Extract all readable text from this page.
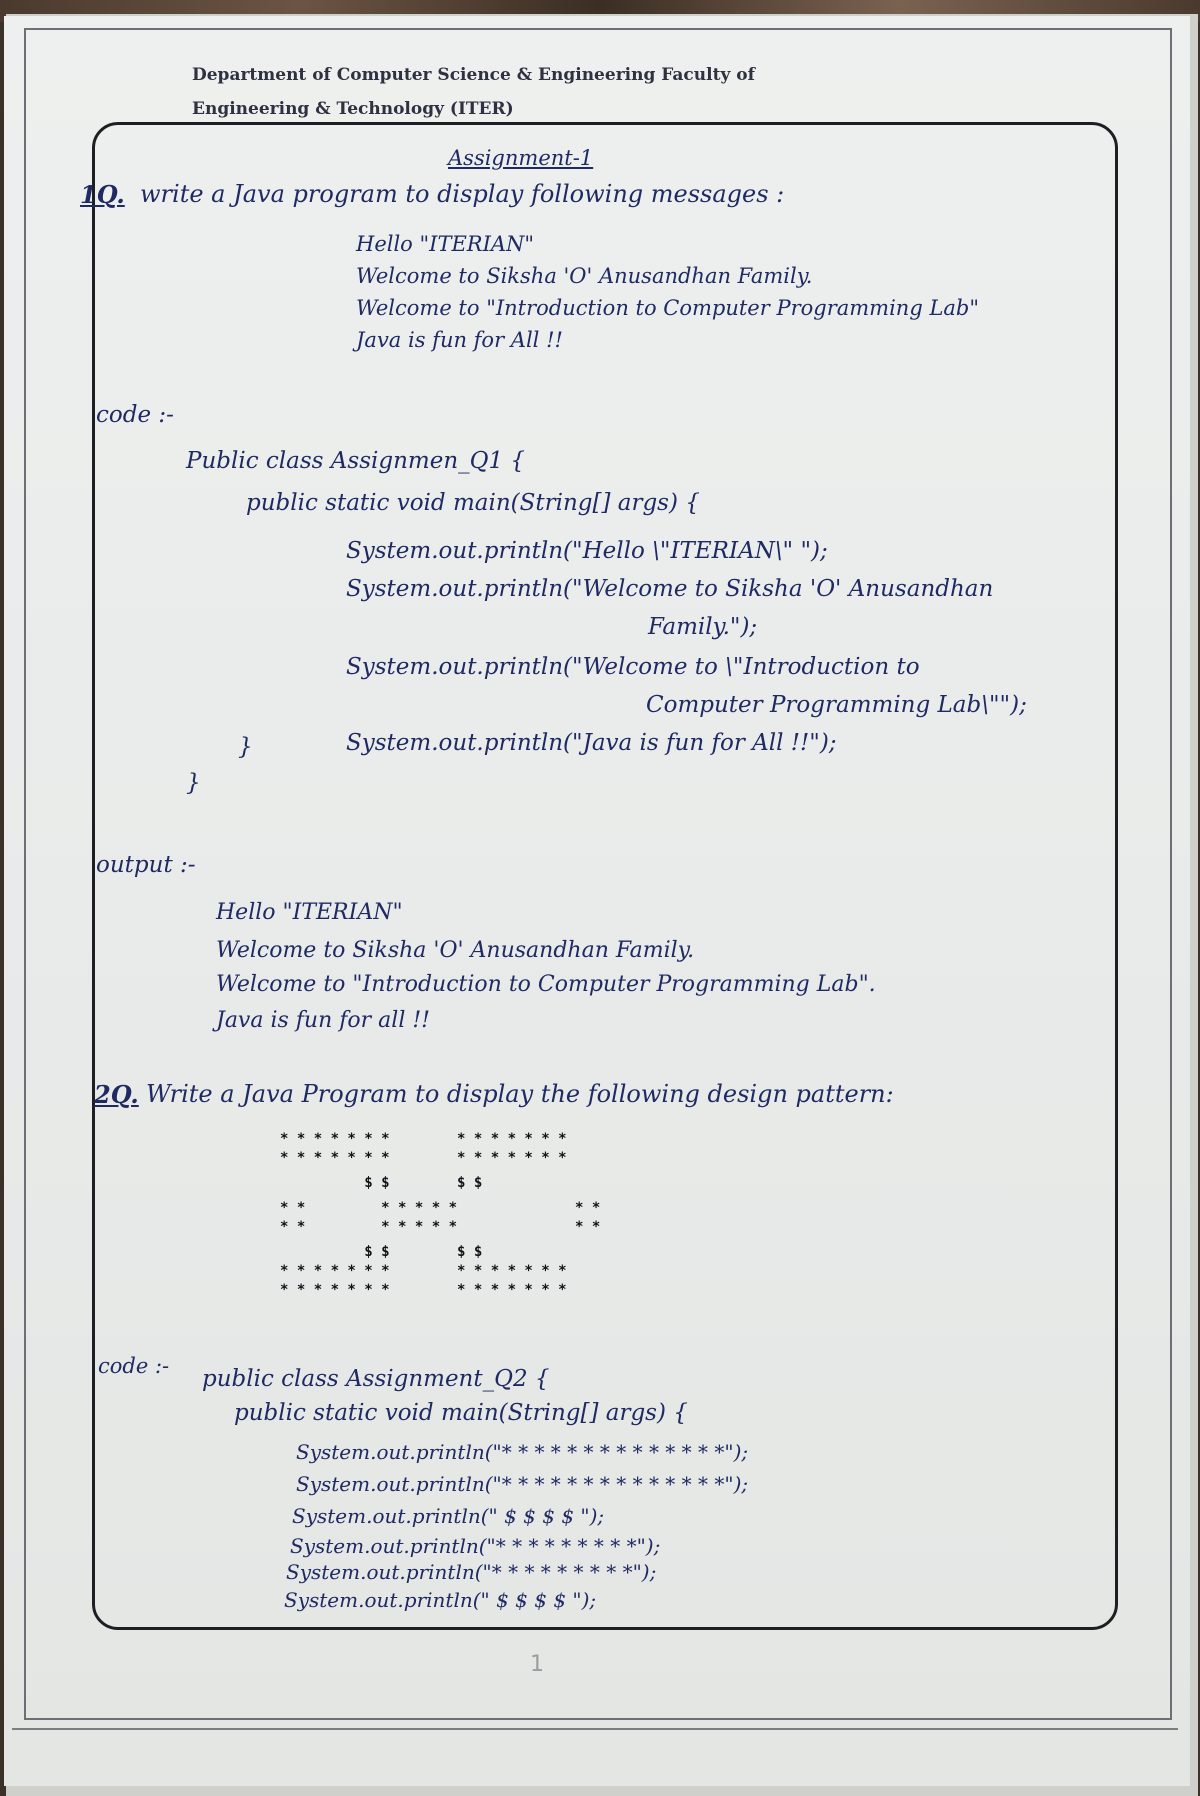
Department of Computer Science & Engineering Faculty of
Engineering & Technology (ITER)
Assignment-1
1Q. write a Java program to display following messages :
Hello "ITERIAN"
Welcome to Siksha 'O' Anusandhan Family.
Welcome to "Introduction to Computer Programming Lab"
Java is fun for All !!
code :-
Public class Assignmen_Q1 {
public static void main(String[] args) {
System.out.println("Hello \"ITERIAN\" ");
System.out.println("Welcome to Siksha 'O' Anusandhan
Family.");
System.out.println("Welcome to \"Introduction to
Computer Programming Lab\"");
System.out.println("Java is fun for All !!");
}
}
output :-
Hello "ITERIAN"
Welcome to Siksha 'O' Anusandhan Family.
Welcome to "Introduction to Computer Programming Lab".
Java is fun for all !!
2Q. Write a Java Program to display the following design pattern:
* * * * * * *        * * * * * * *
* * * * * * *        * * * * * * *
$ $        $ $
* *         * * * * *              * *
* *         * * * * *              * *
$ $        $ $
* * * * * * *        * * * * * * *
* * * * * * *        * * * * * * *
code :- public class Assignment_Q2 {
public static void main(String[] args) {
System.out.println("* * * * * * * * * * * * * *");
System.out.println("* * * * * * * * * * * * * *");
System.out.println(" $ $ $ $ ");
System.out.println("* * * * * * * * *");
System.out.println("* * * * * * * * *");
System.out.println(" $ $ $ $ ");
1
